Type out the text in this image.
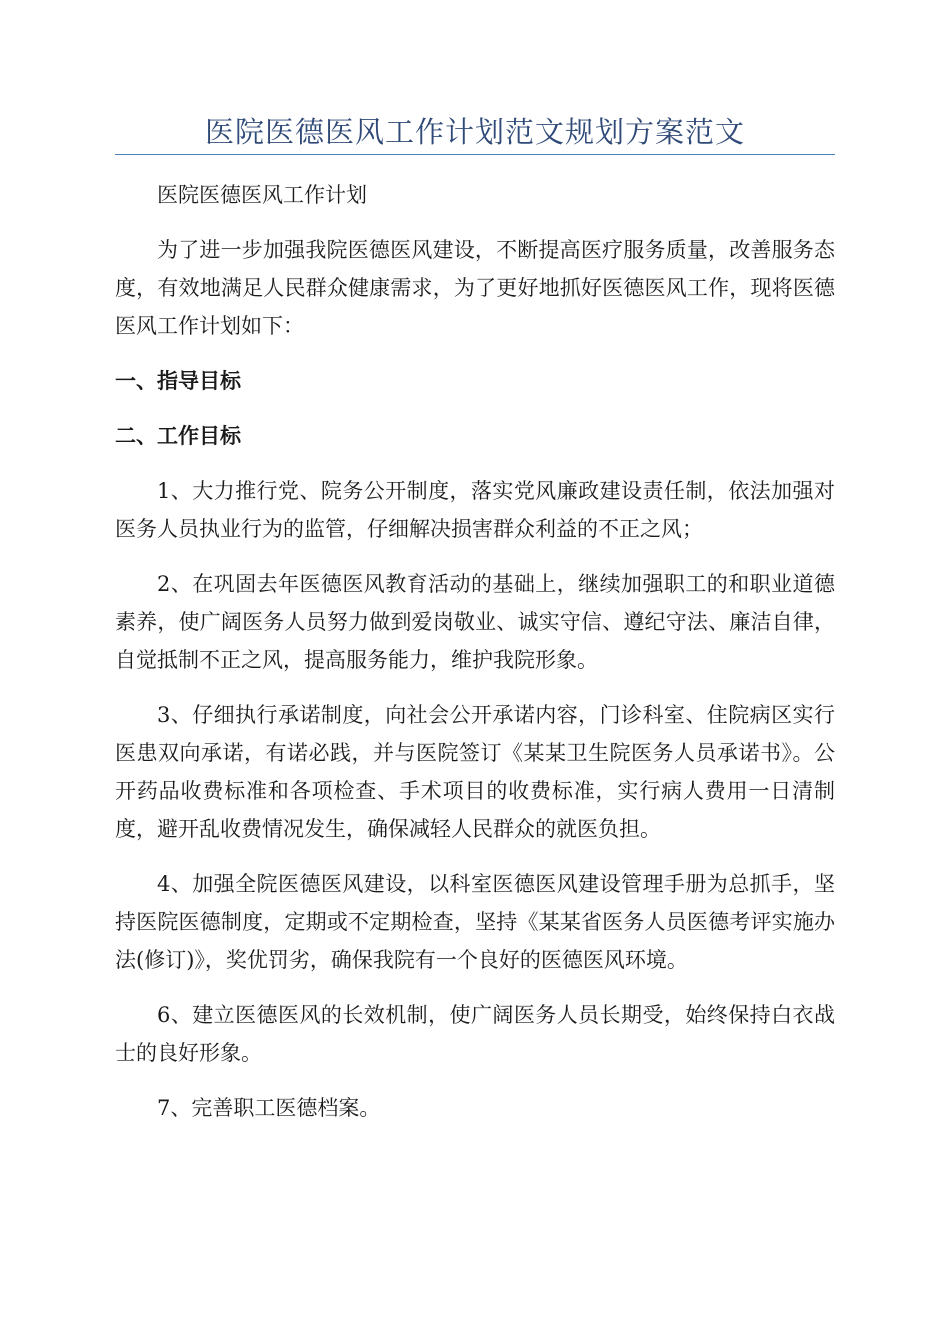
医院医德医风工作计划范文规划方案范文

医院医德医风工作计划

为了进一步加强我院医德医风建设，不断提高医疗服务质量，改善服务态度，有效地满足人民群众健康需求，为了更好地抓好医德医风工作，现将医德医风工作计划如下：

一、指导目标

二、工作目标

1、大力推行党、院务公开制度，落实党风廉政建设责任制，依法加强对医务人员执业行为的监管，仔细解决损害群众利益的不正之风；

2、在巩固去年医德医风教育活动的基础上，继续加强职工的和职业道德素养，使广阔医务人员努力做到爱岗敬业、诚实守信、遵纪守法、廉洁自律，自觉抵制不正之风，提高服务能力，维护我院形象。

3、仔细执行承诺制度，向社会公开承诺内容，门诊科室、住院病区实行医患双向承诺，有诺必践，并与医院签订《某某卫生院医务人员承诺书》。公开药品收费标准和各项检查、手术项目的收费标准，实行病人费用一日清制度，避开乱收费情况发生，确保减轻人民群众的就医负担。

4、加强全院医德医风建设，以科室医德医风建设管理手册为总抓手，坚持医院医德制度，定期或不定期检查，坚持《某某省医务人员医德考评实施办法(修订)》，奖优罚劣，确保我院有一个良好的医德医风环境。

6、建立医德医风的长效机制，使广阔医务人员长期受，始终保持白衣战士的良好形象。

7、完善职工医德档案。
